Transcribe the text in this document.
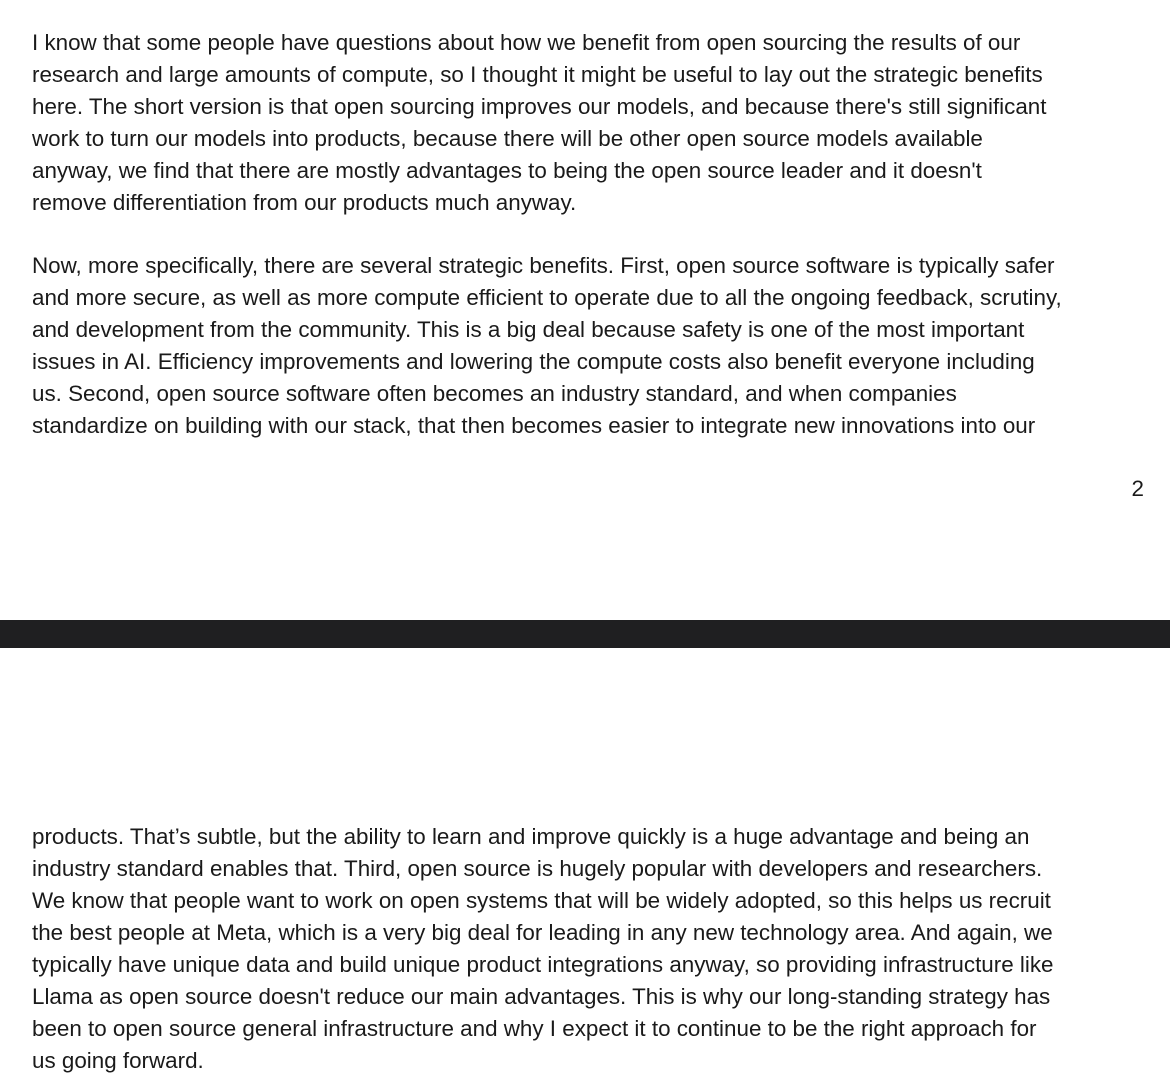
I know that some people have questions about how we benefit from open sourcing the results of our
research and large amounts of compute, so I thought it might be useful to lay out the strategic benefits
here. The short version is that open sourcing improves our models, and because there's still significant
work to turn our models into products, because there will be other open source models available
anyway, we find that there are mostly advantages to being the open source leader and it doesn't
remove differentiation from our products much anyway.

Now, more specifically, there are several strategic benefits. First, open source software is typically safer
and more secure, as well as more compute efficient to operate due to all the ongoing feedback, scrutiny,
and development from the community. This is a big deal because safety is one of the most important
issues in AI. Efficiency improvements and lowering the compute costs also benefit everyone including
us. Second, open source software often becomes an industry standard, and when companies
standardize on building with our stack, that then becomes easier to integrate new innovations into our

2

products. That’s subtle, but the ability to learn and improve quickly is a huge advantage and being an
industry standard enables that. Third, open source is hugely popular with developers and researchers.
We know that people want to work on open systems that will be widely adopted, so this helps us recruit
the best people at Meta, which is a very big deal for leading in any new technology area. And again, we
typically have unique data and build unique product integrations anyway, so providing infrastructure like
Llama as open source doesn't reduce our main advantages. This is why our long-standing strategy has
been to open source general infrastructure and why I expect it to continue to be the right approach for
us going forward.
